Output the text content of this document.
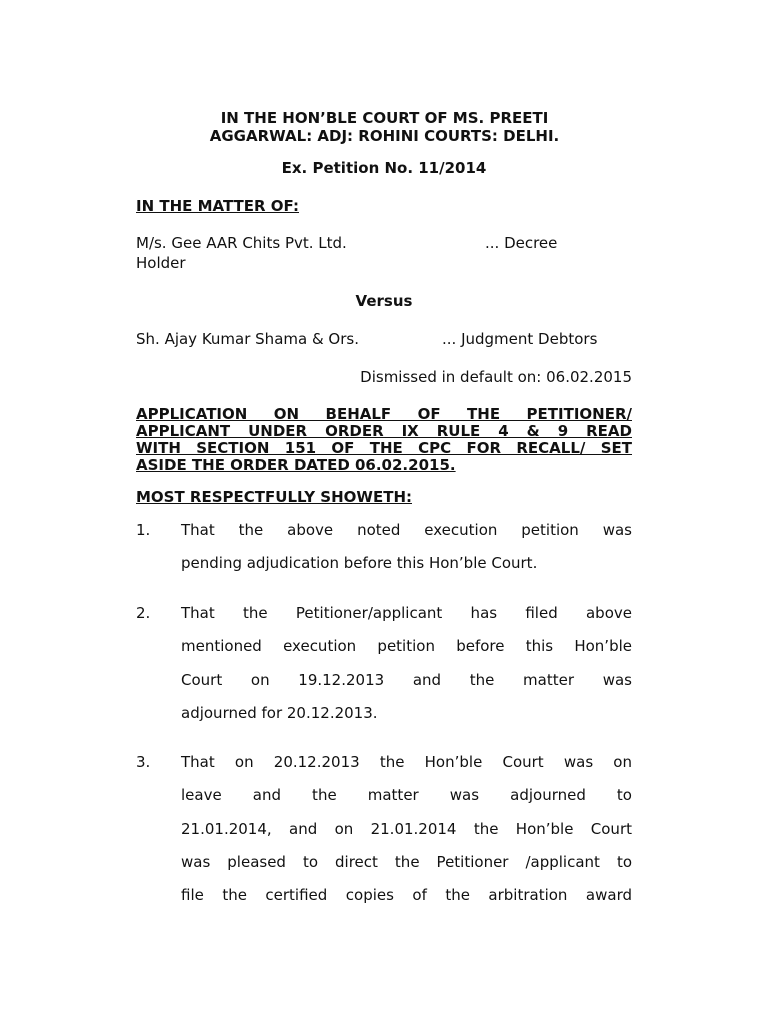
IN THE HON’BLE COURT OF MS. PREETI
AGGARWAL: ADJ: ROHINI COURTS: DELHI.

Ex. Petition No. 11/2014

IN THE MATTER OF:

M/s. Gee AAR Chits Pvt. Ltd.	... Decree

Holder

Versus

Sh. Ajay Kumar Shama & Ors.	... Judgment Debtors

Dismissed in default on: 06.02.2015

APPLICATION ON BEHALF OF THE PETITIONER/
APPLICANT UNDER ORDER IX RULE 4 & 9 READ
WITH SECTION 151 OF THE CPC FOR RECALL/ SET
ASIDE THE ORDER DATED 06.02.2015.

MOST RESPECTFULLY SHOWETH:

1. That the above noted execution petition was

pending adjudication before this Hon’ble Court.

2. That the Petitioner/applicant has filed above

mentioned execution petition before this Hon’ble

Court on 19.12.2013 and the matter was

adjourned for 20.12.2013.

3. That on 20.12.2013 the Hon’ble Court was on

leave and the matter was adjourned to

21.01.2014, and on 21.01.2014 the Hon’ble Court

was pleased to direct the Petitioner /applicant to

file the certified copies of the arbitration award
